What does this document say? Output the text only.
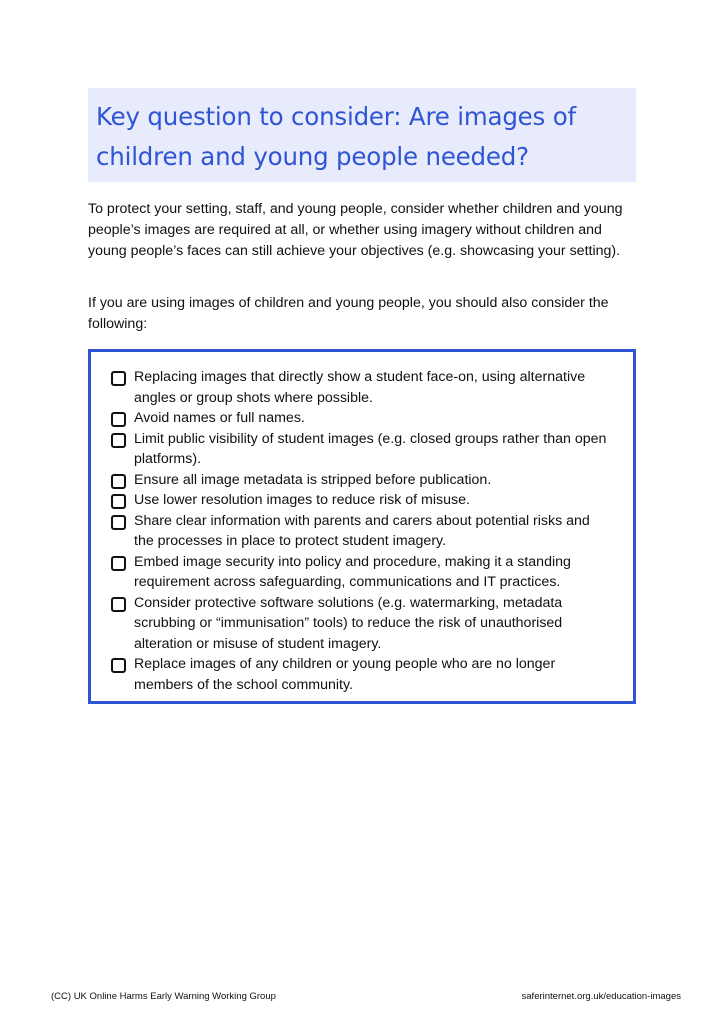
Key question to consider: Are images of
children and young people needed?

To protect your setting, staff, and young people, consider whether children and young people’s images are required at all, or whether using imagery without children and young people’s faces can still achieve your objectives (e.g. showcasing your setting).

If you are using images of children and young people, you should also consider the following:

Replacing images that directly show a student face-on, using alternative
angles or group shots where possible.
Avoid names or full names.
Limit public visibility of student images (e.g. closed groups rather than open
platforms).
Ensure all image metadata is stripped before publication.
Use lower resolution images to reduce risk of misuse.
Share clear information with parents and carers about potential risks and
the processes in place to protect student imagery.
Embed image security into policy and procedure, making it a standing
requirement across safeguarding, communications and IT practices.
Consider protective software solutions (e.g. watermarking, metadata
scrubbing or “immunisation” tools) to reduce the risk of unauthorised
alteration or misuse of student imagery.
Replace images of any children or young people who are no longer
members of the school community.
(CC) UK Online Harms Early Warning Working Group	saferinternet.org.uk/education-images
